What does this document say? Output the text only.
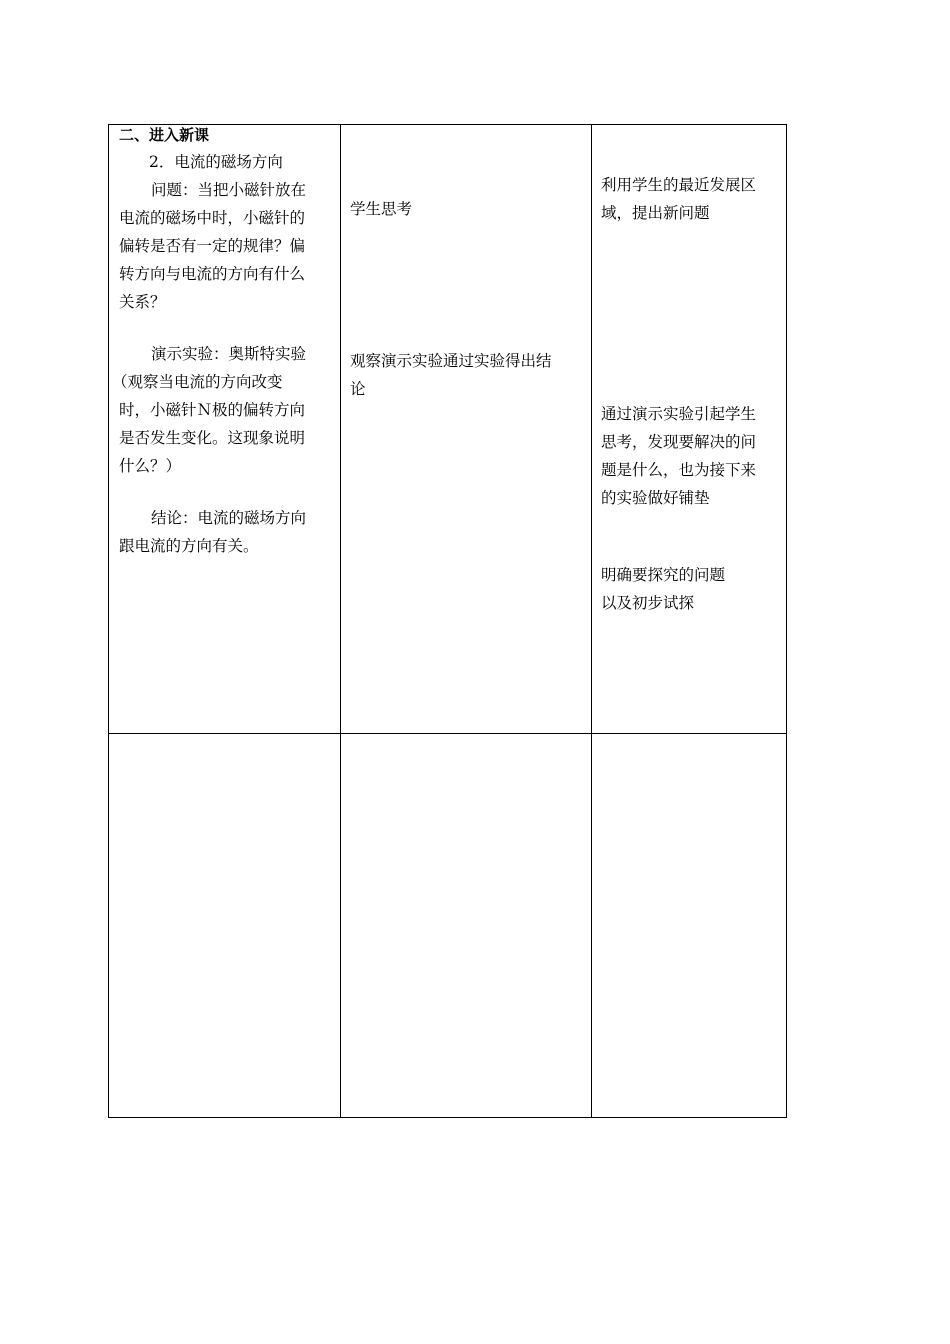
二、进入新课
2．电流的磁场方向
问题：当把小磁针放在
电流的磁场中时，小磁针的
偏转是否有一定的规律？偏
转方向与电流的方向有什么
关系？
演示实验：奥斯特实验
（观察当电流的方向改变
时，小磁针Ｎ极的偏转方向
是否发生变化。这现象说明
什么？）
结论：电流的磁场方向
跟电流的方向有关。
学生思考
观察演示实验通过实验得出结
论
利用学生的最近发展区
域，提出新问题
通过演示实验引起学生
思考，发现要解决的问
题是什么，也为接下来
的实验做好铺垫
明确要探究的问题
以及初步试探
